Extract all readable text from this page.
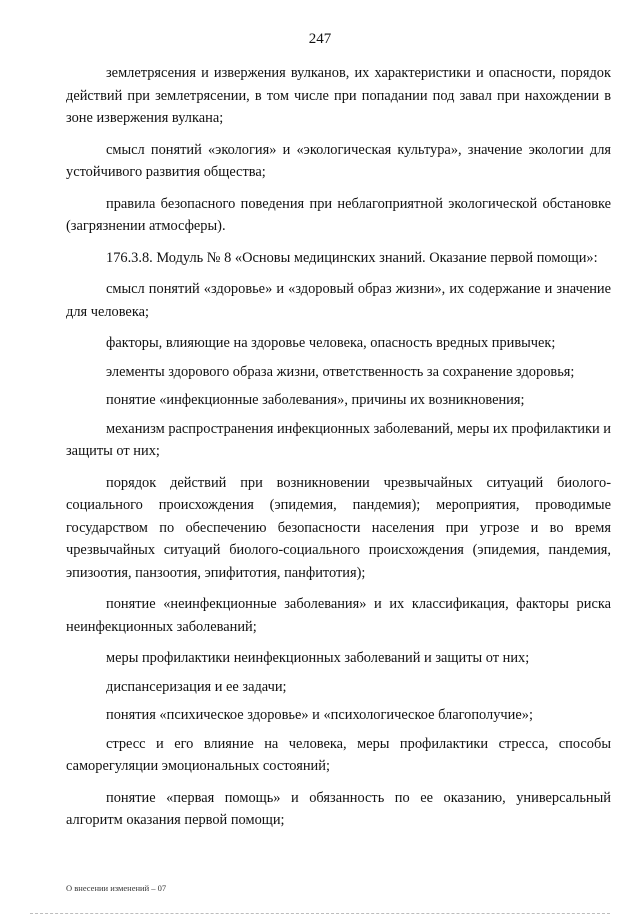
247

землетрясения и извержения вулканов, их характеристики и опасности, порядок действий при землетрясении, в том числе при попадании под завал при нахождении в зоне извержения вулкана;

смысл понятий «экология» и «экологическая культура», значение экологии для устойчивого развития общества;

правила безопасного поведения при неблагоприятной экологической обстановке (загрязнении атмосферы).

176.3.8. Модуль № 8 «Основы медицинских знаний. Оказание первой помощи»:

смысл понятий «здоровье» и «здоровый образ жизни», их содержание и значение для человека;

факторы, влияющие на здоровье человека, опасность вредных привычек;

элементы здорового образа жизни, ответственность за сохранение здоровья;

понятие «инфекционные заболевания», причины их возникновения;

механизм распространения инфекционных заболеваний, меры их профилактики и защиты от них;

порядок действий при возникновении чрезвычайных ситуаций биолого-социального происхождения (эпидемия, пандемия); мероприятия, проводимые государством по обеспечению безопасности населения при угрозе и во время чрезвычайных ситуаций биолого-социального происхождения (эпидемия, пандемия, эпизоотия, панзоотия, эпифитотия, панфитотия);

понятие «неинфекционные заболевания» и их классификация, факторы риска неинфекционных заболеваний;

меры профилактики неинфекционных заболеваний и защиты от них;

диспансеризация и ее задачи;

понятия «психическое здоровье» и «психологическое благополучие»;

стресс и его влияние на человека, меры профилактики стресса, способы саморегуляции эмоциональных состояний;

понятие «первая помощь» и обязанность по ее оказанию, универсальный алгоритм оказания первой помощи;

О внесении изменений – 07
